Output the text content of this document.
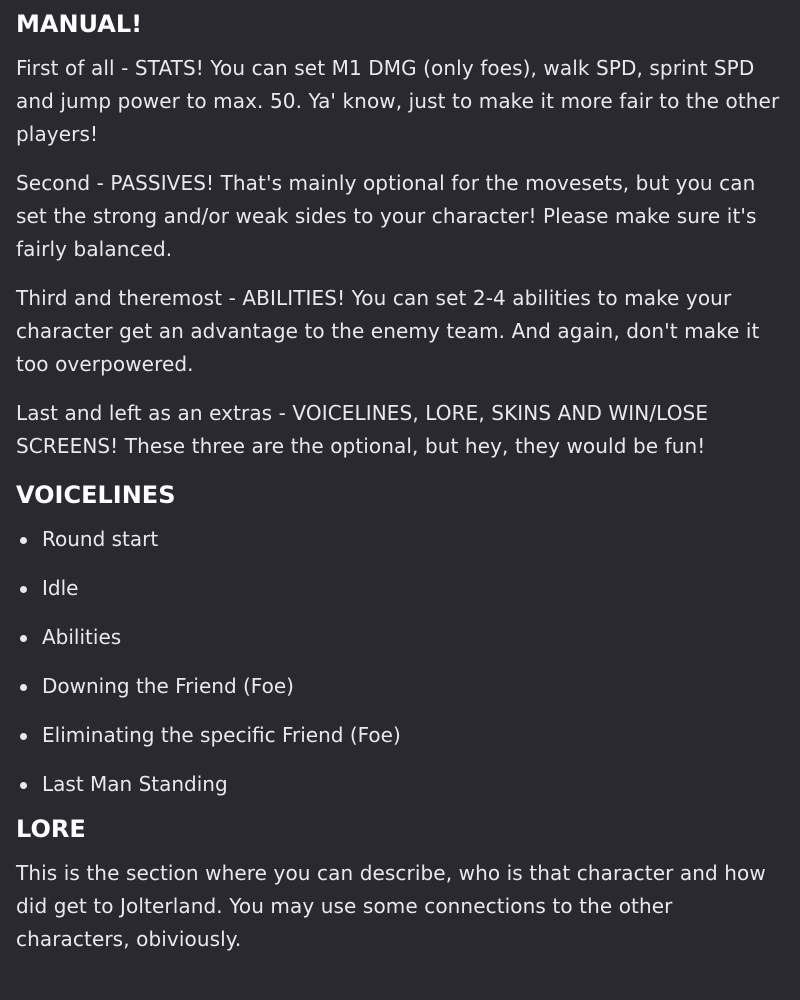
MANUAL!

First of all - STATS! You can set M1 DMG (only foes), walk SPD, sprint SPD and jump power to max. 50. Ya' know, just to make it more fair to the other players!

Second - PASSIVES! That's mainly optional for the movesets, but you can set the strong and/or weak sides to your character! Please make sure it's fairly balanced.

Third and theremost - ABILITIES! You can set 2-4 abilities to make your character get an advantage to the enemy team. And again, don't make it too overpowered.

Last and left as an extras - VOICELINES, LORE, SKINS AND WIN/LOSE SCREENS! These three are the optional, but hey, they would be fun!

VOICELINES
Round start
Idle
Abilities
Downing the Friend (Foe)
Eliminating the specific Friend (Foe)
Last Man Standing
LORE

This is the section where you can describe, who is that character and how did get to Jolterland. You may use some connections to the other characters, obiviously.
